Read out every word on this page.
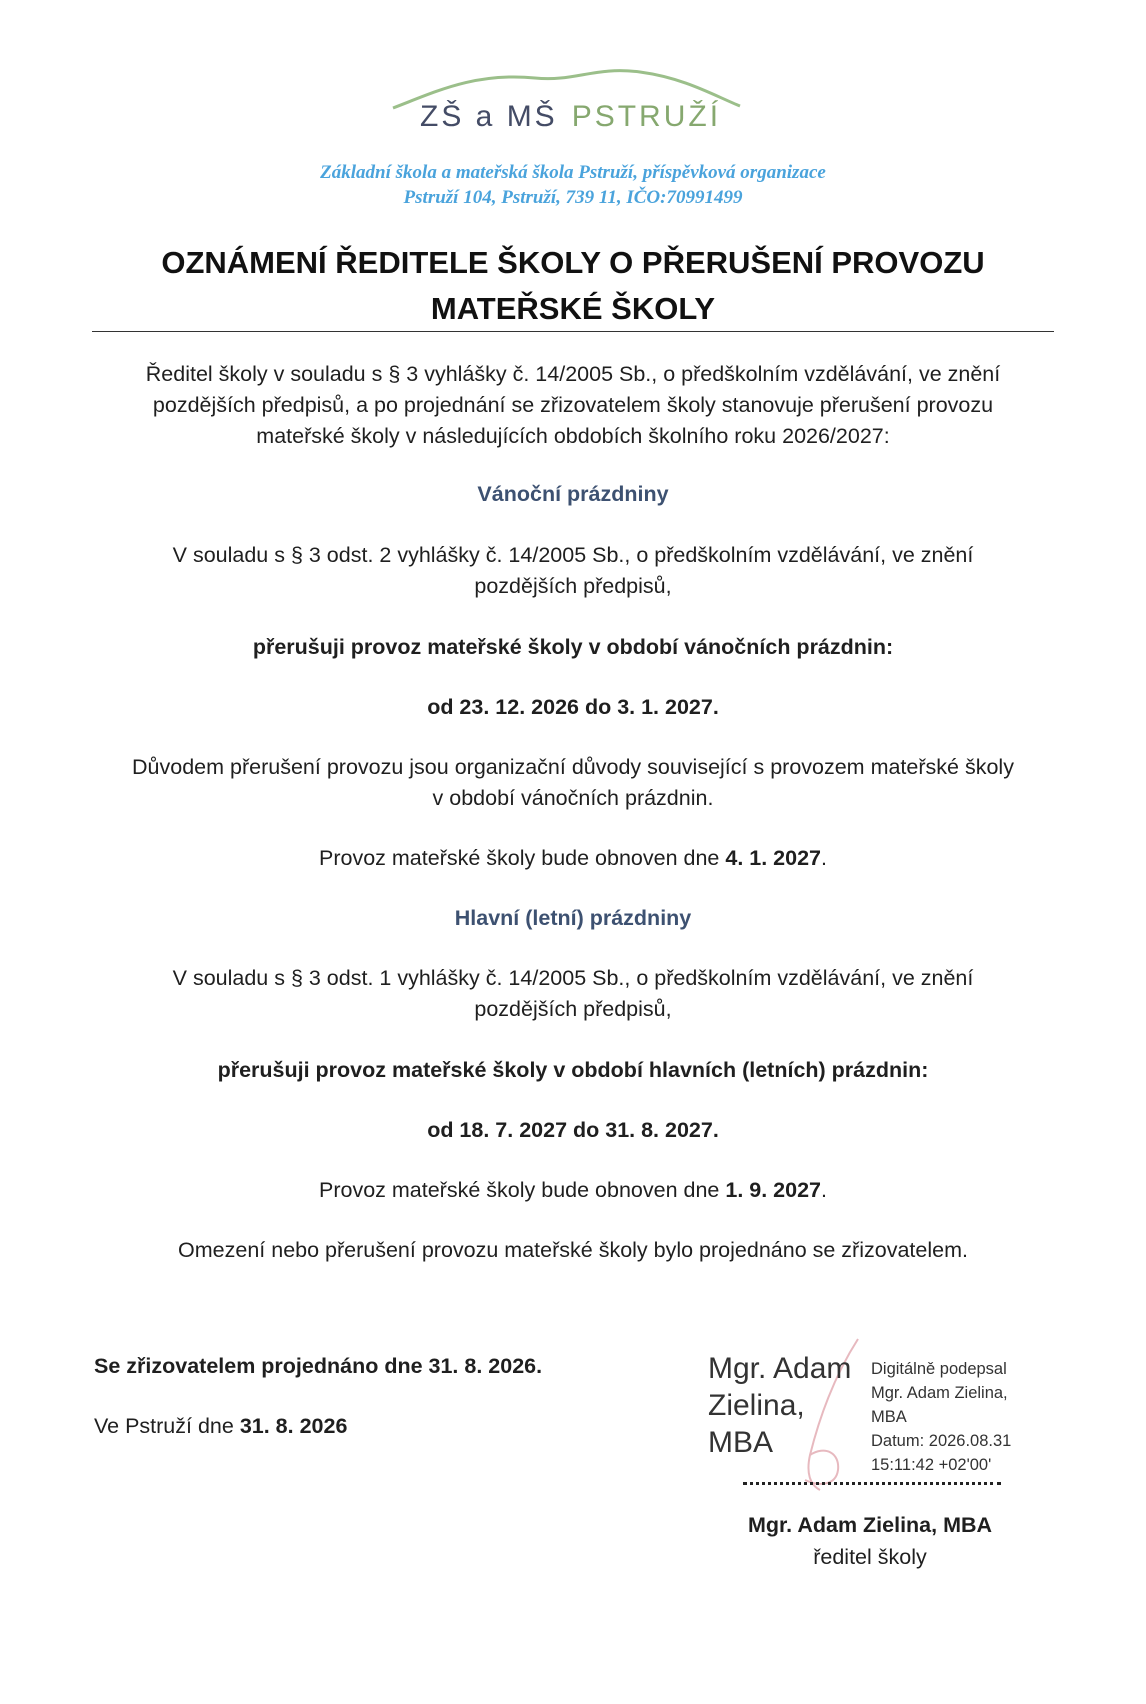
ZŠ a MŠ PSTRUŽÍ
Základní škola a mateřská škola Pstruží, příspěvková organizace
Pstruží 104, Pstruží, 739 11, IČO:70991499
OZNÁMENÍ ŘEDITELE ŠKOLY O PŘERUŠENÍ PROVOZU
MATEŘSKÉ ŠKOLY
Ředitel školy v souladu s § 3 vyhlášky č. 14/2005 Sb., o předškolním vzdělávání, ve znění
pozdějších předpisů, a po projednání se zřizovatelem školy stanovuje přerušení provozu
mateřské školy v následujících obdobích školního roku 2026/2027:
Vánoční prázdniny
V souladu s § 3 odst. 2 vyhlášky č. 14/2005 Sb., o předškolním vzdělávání, ve znění
pozdějších předpisů,
přerušuji provoz mateřské školy v období vánočních prázdnin:
od 23. 12. 2026 do 3. 1. 2027.
Důvodem přerušení provozu jsou organizační důvody související s provozem mateřské školy
v období vánočních prázdnin.
Provoz mateřské školy bude obnoven dne 4. 1. 2027.
Hlavní (letní) prázdniny
V souladu s § 3 odst. 1 vyhlášky č. 14/2005 Sb., o předškolním vzdělávání, ve znění
pozdějších předpisů,
přerušuji provoz mateřské školy v období hlavních (letních) prázdnin:
od 18. 7. 2027 do 31. 8. 2027.
Provoz mateřské školy bude obnoven dne 1. 9. 2027.
Omezení nebo přerušení provozu mateřské školy bylo projednáno se zřizovatelem.
Se zřizovatelem projednáno dne 31. 8. 2026.
Ve Pstruží dne 31. 8. 2026
Mgr. Adam
Zielina,
MBA
Digitálně podepsal
Mgr. Adam Zielina,
MBA
Datum: 2026.08.31
15:11:42 +02'00'
Mgr. Adam Zielina, MBA
ředitel školy
